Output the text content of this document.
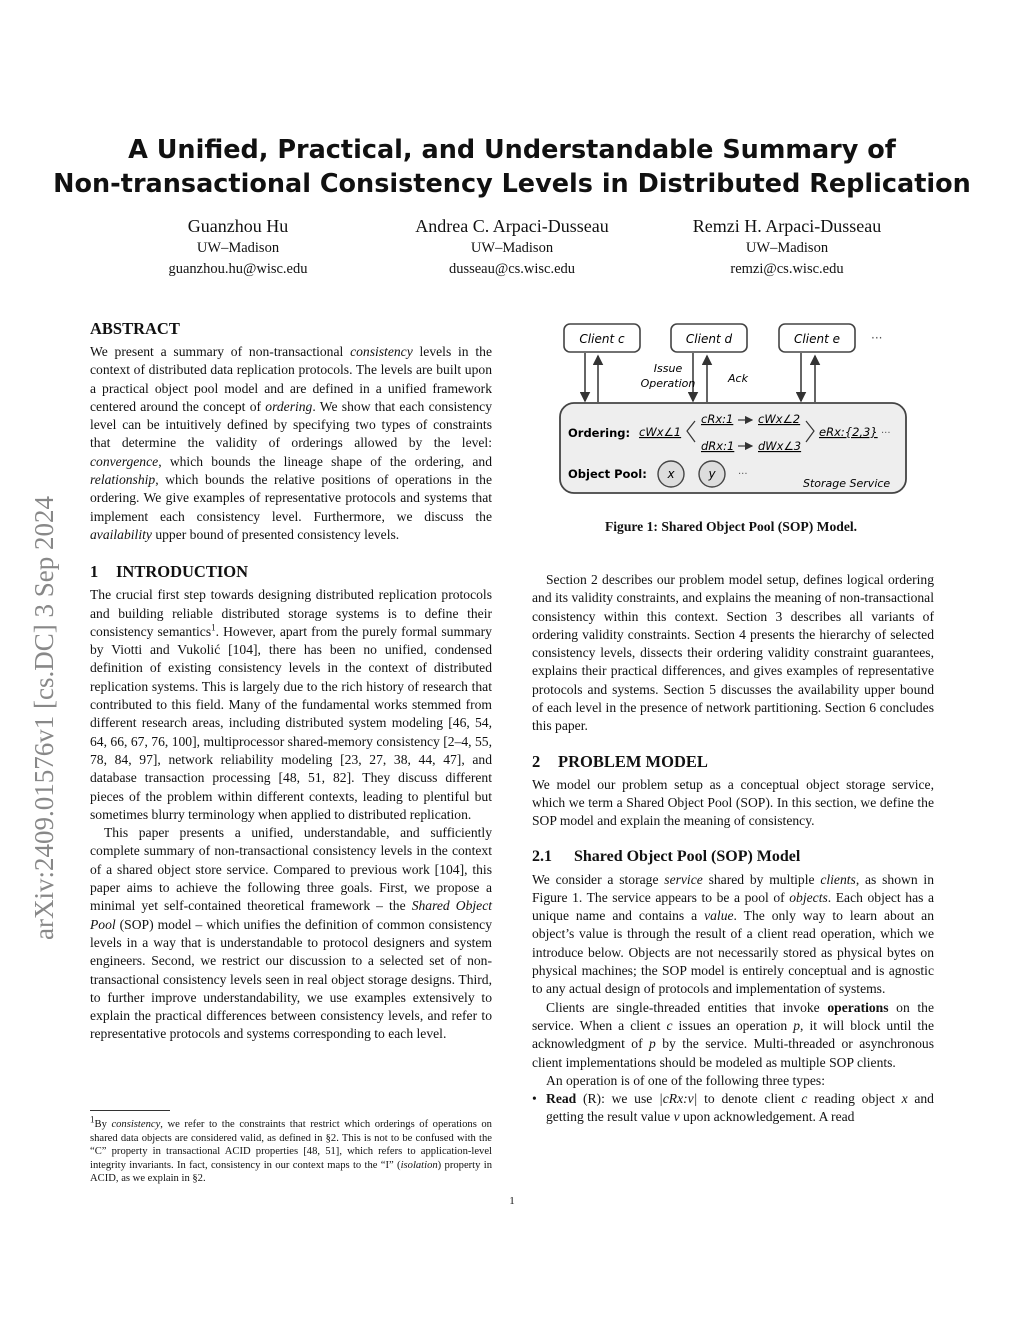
arXiv:2409.01576v1 [cs.DC] 3 Sep 2024
A Unified, Practical, and Understandable Summary of
Non-transactional Consistency Levels in Distributed Replication
Guanzhou Hu
UW–Madison
guanzhou.hu@wisc.edu
Andrea C. Arpaci-Dusseau
UW–Madison
dusseau@cs.wisc.edu
Remzi H. Arpaci-Dusseau
UW–Madison
remzi@cs.wisc.edu
ABSTRACT

We present a summary of non-transactional consistency levels in the context of distributed data replication protocols. The levels are built upon a practical object pool model and are defined in a unified framework centered around the concept of ordering. We show that each consistency level can be intuitively defined by specifying two types of constraints that determine the validity of orderings allowed by the level: convergence, which bounds the lineage shape of the ordering, and relationship, which bounds the relative positions of operations in the ordering. We give examples of representative protocols and systems that implement each consistency level. Furthermore, we discuss the availability upper bound of presented consistency levels.

1 INTRODUCTION

The crucial first step towards designing distributed replication protocols and building reliable distributed storage systems is to define their consistency semantics$^1$. However, apart from the purely formal summary by Viotti and Vukolić [104], there has been no unified, condensed definition of existing consistency levels in the context of distributed replication systems. This is largely due to the rich history of research that contributed to this field. Many of the fundamental works stemmed from different research areas, including distributed system modeling [46, 54, 64, 66, 67, 76, 100], multiprocessor shared-memory consistency [2–4, 55, 78, 84, 97], network reliability modeling [23, 27, 38, 44, 47], and database transaction processing [48, 51, 82]. They discuss different pieces of the problem within different contexts, leading to plentiful but sometimes blurry terminology when applied to distributed replication.

This paper presents a unified, understandable, and sufficiently complete summary of non-transactional consistency levels in the context of a shared object store service. Compared to previous work [104], this paper aims to achieve the following three goals. First, we propose a minimal yet self-contained theoretical framework – the Shared Object Pool (SOP) model – which unifies the definition of common consistency levels in a way that is understandable to protocol designers and system engineers. Second, we restrict our discussion to a selected set of non-transactional consistency levels seen in real object storage designs. Third, to further improve understandability, we use examples extensively to explain the practical differences between consistency levels, and refer to representative protocols and systems corresponding to each level.

$^1$By consistency, we refer to the constraints that restrict which orderings of operations on shared data objects are considered valid, as defined in §2. This is not to be confused with the “C” property in transactional ACID properties [48, 51], which refers to application-level integrity invariants. In fact, consistency in our context maps to the “I” (isolation) property in ACID, as we explain in §2.
Client c	Client d	Client e	···
Issue
Operation	Ack
Ordering: cWx∠1
cRx:1 cWx∠2
dRx:1 dWx∠3
eRx:{2,3} ···
Object Pool: x	y ···
Storage Service
Figure 1: Shared Object Pool (SOP) Model.

Section 2 describes our problem model setup, defines logical ordering and its validity constraints, and explains the meaning of non-transactional consistency within this context. Section 3 describes all variants of ordering validity constraints. Section 4 presents the hierarchy of selected consistency levels, dissects their ordering validity constraint guarantees, explains their practical differences, and gives examples of representative protocols and systems. Section 5 discusses the availability upper bound of each level in the presence of network partitioning. Section 6 concludes this paper.

2 PROBLEM MODEL

We model our problem setup as a conceptual object storage service, which we term a Shared Object Pool (SOP). In this section, we define the SOP model and explain the meaning of consistency.

2.1 Shared Object Pool (SOP) Model

We consider a storage service shared by multiple clients, as shown in Figure 1. The service appears to be a pool of objects. Each object has a unique name and contains a value. The only way to learn about an object’s value is through the result of a client read operation, which we introduce below. Objects are not necessarily stored as physical bytes on physical machines; the SOP model is entirely conceptual and is agnostic to any actual design of protocols and implementation of systems.

Clients are single-threaded entities that invoke operations on the service. When a client c issues an operation p, it will block until the acknowledgment of p by the service. Multi-threaded or asynchronous client implementations should be modeled as multiple SOP clients.

An operation is of one of the following three types:

• Read (R): we use |cRx:v| to denote client c reading object x and getting the result value v upon acknowledgement. A read
1
